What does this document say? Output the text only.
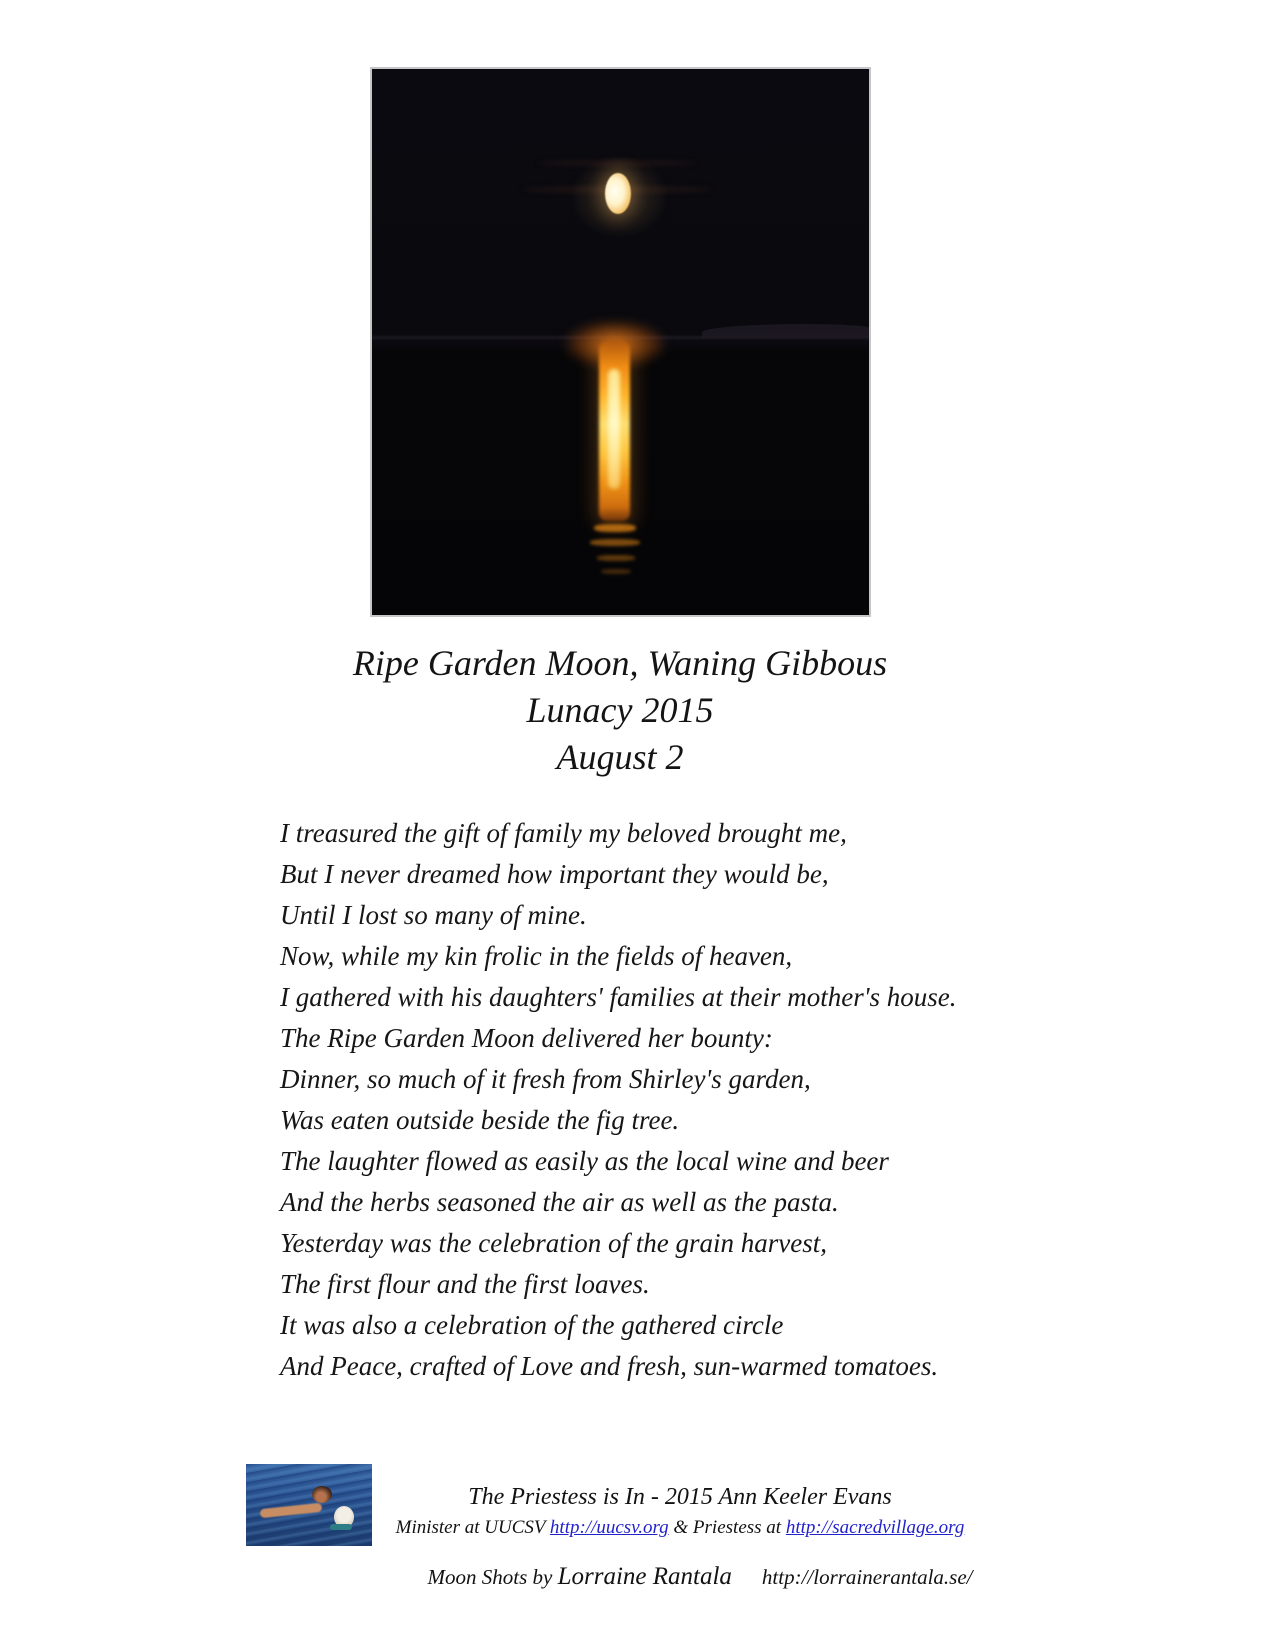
Ripe Garden Moon, Waning Gibbous
Lunacy 2015
August 2
I treasured the gift of family my beloved brought me,
But I never dreamed how important they would be,
Until I lost so many of mine.
Now, while my kin frolic in the fields of heaven,
I gathered with his daughters' families at their mother's house.
The Ripe Garden Moon delivered her bounty:
Dinner, so much of it fresh from Shirley's garden,
Was eaten outside beside the fig tree.
The laughter flowed as easily as the local wine and beer
And the herbs seasoned the air as well as the pasta.
Yesterday was the celebration of the grain harvest,
The first flour and the first loaves.
It was also a celebration of the gathered circle
And Peace, crafted of Love and fresh, sun-warmed tomatoes.
The Priestess is In - 2015 Ann Keeler Evans
Minister at UUCSV http://uucsv.org & Priestess at http://sacredvillage.org
Moon Shots by Lorraine Rantala http://lorrainerantala.se/
